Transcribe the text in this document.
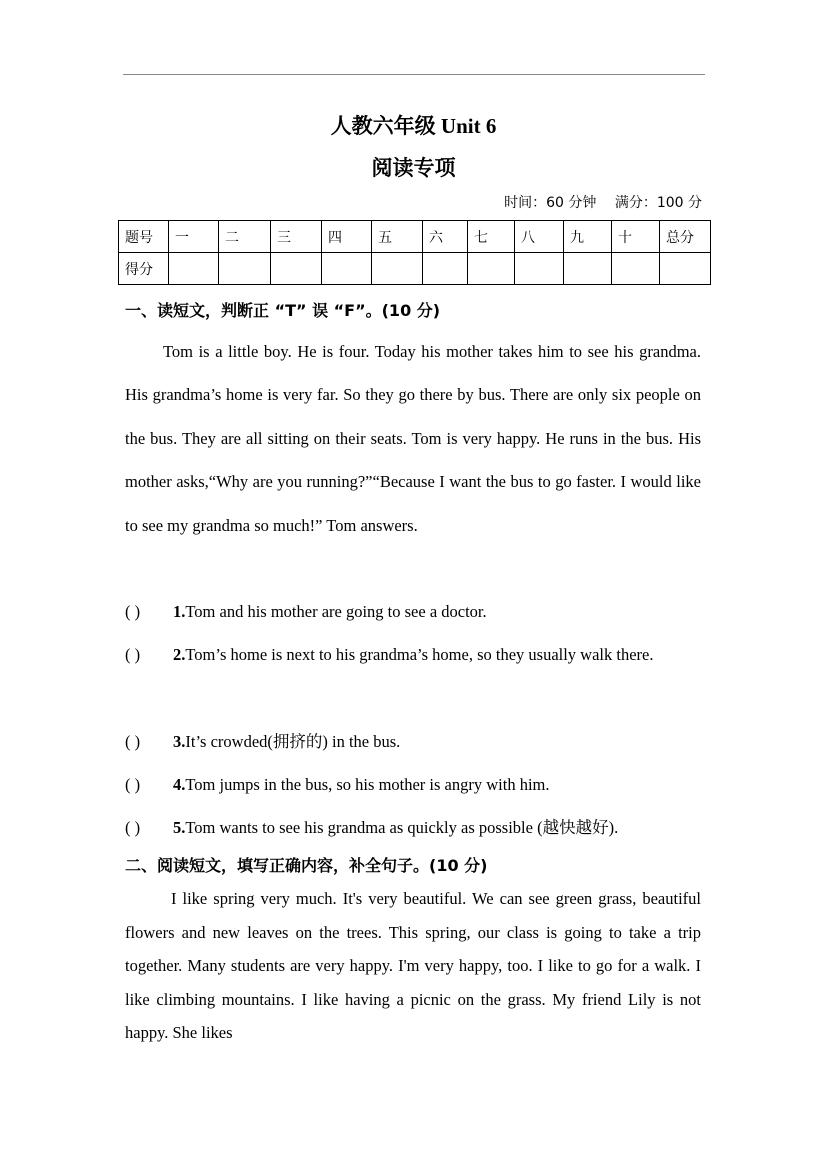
人教六年级 Unit 6
阅读专项
时间：60 分钟 满分：100 分
题号	一	二	三	四	五	六	七	八	九	十	总分
得分											
一、读短文，判断正 “T” 误 “F”。(10 分)
Tom is a little boy. He is four. Today his mother takes him to see his grandma. His grandma’s home is very far. So they go there by bus. There are only six people on the bus. They are all sitting on their seats. Tom is very happy. He runs in the bus. His mother asks,“Why are you running?”“Because I want the bus to go faster. I would like to see my grandma so much!” Tom answers.
( ) 1.Tom and his mother are going to see a doctor.
( ) 2.Tom’s home is next to his grandma’s home, so they usually walk there.
( ) 3.It’s crowded(拥挤的) in the bus.
( ) 4.Tom jumps in the bus, so his mother is angry with him.
( ) 5.Tom wants to see his grandma as quickly as possible (越快越好).
二、阅读短文，填写正确内容，补全句子。(10 分)
I like spring very much. It's very beautiful. We can see green grass, beautiful flowers and new leaves on the trees. This spring, our class is going to take a trip together. Many students are very happy. I'm very happy, too. I like to go for a walk. I like climbing mountains. I like having a picnic on the grass. My friend Lily is not happy. She likes
